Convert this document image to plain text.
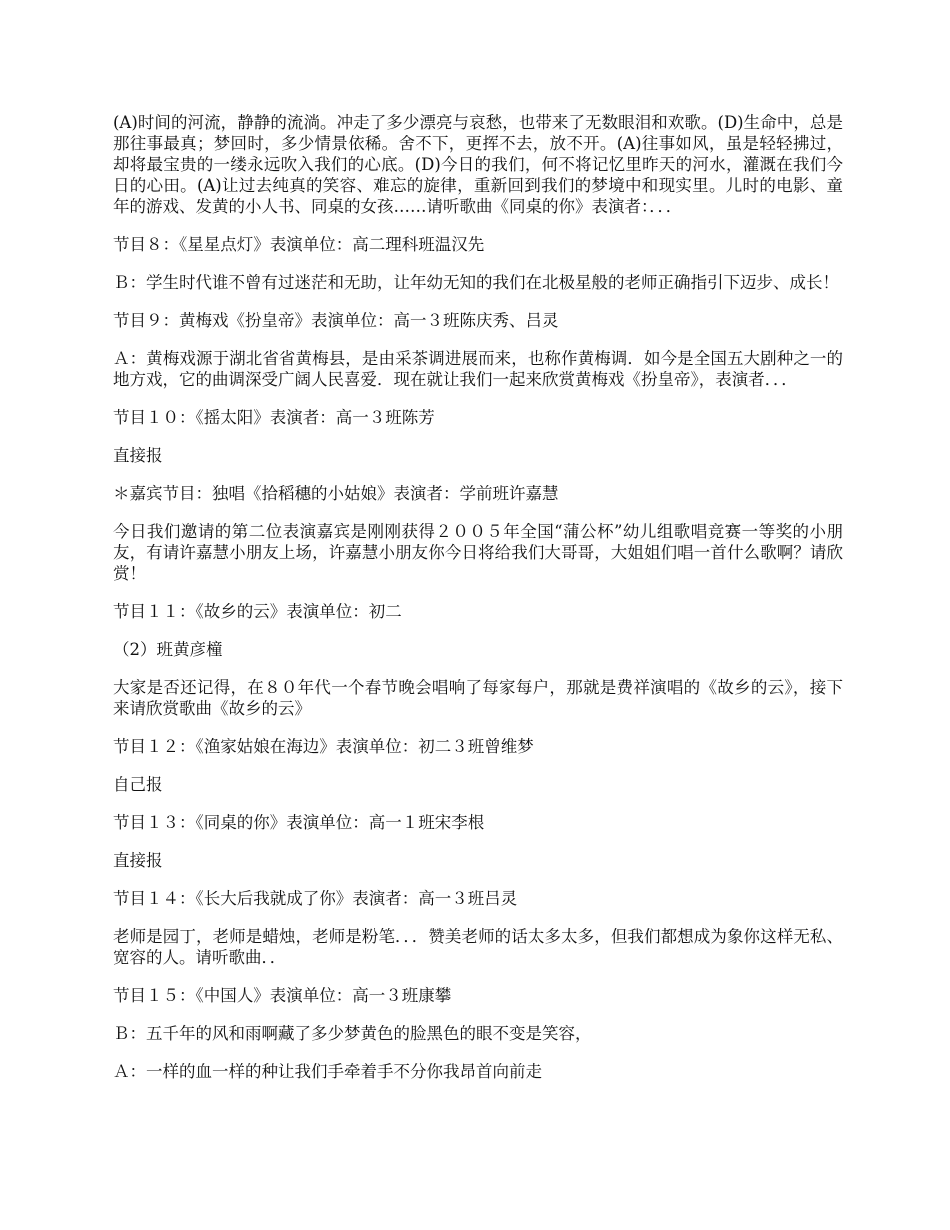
(A)时间的河流，静静的流淌。冲走了多少漂亮与哀愁，也带来了无数眼泪和欢歌。(D)生命中，总是那往事最真；梦回时，多少情景依稀。舍不下，更挥不去，放不开。(A)往事如风，虽是轻轻拂过，却将最宝贵的一缕永远吹入我们的心底。(D)今日的我们，何不将记忆里昨天的河水，灌溉在我们今日的心田。(A)让过去纯真的笑容、难忘的旋律，重新回到我们的梦境中和现实里。儿时的电影、童年的游戏、发黄的小人书、同桌的女孩……请听歌曲《同桌的你》表演者：．．．

节目８：《星星点灯》表演单位：高二理科班温汉先

Ｂ：学生时代谁不曾有过迷茫和无助，让年幼无知的我们在北极星般的老师正确指引下迈步、成长！

节目９：黄梅戏《扮皇帝》表演单位：高一３班陈庆秀、吕灵

Ａ：黄梅戏源于湖北省省黄梅县，是由采茶调进展而来，也称作黄梅调．如今是全国五大剧种之一的地方戏，它的曲调深受广阔人民喜爱．现在就让我们一起来欣赏黄梅戏《扮皇帝》，表演者．．．

节目１０：《摇太阳》表演者：高一３班陈芳

直接报

＊嘉宾节目：独唱《拾稻穗的小姑娘》表演者：学前班许嘉慧

今日我们邀请的第二位表演嘉宾是刚刚获得２００５年全国“蒲公杯”幼儿组歌唱竞赛一等奖的小朋友，有请许嘉慧小朋友上场，许嘉慧小朋友你今日将给我们大哥哥，大姐姐们唱一首什么歌啊？请欣赏！

节目１１：《故乡的云》表演单位：初二

（2）班黄彦橦

大家是否还记得，在８０年代一个春节晚会唱响了每家每户，那就是费祥演唱的《故乡的云》，接下来请欣赏歌曲《故乡的云》

节目１２：《渔家姑娘在海边》表演单位：初二３班曾维梦

自己报

节目１３：《同桌的你》表演单位：高一１班宋李根

直接报

节目１４：《长大后我就成了你》表演者：高一３班吕灵

老师是园丁，老师是蜡烛，老师是粉笔．．．赞美老师的话太多太多，但我们都想成为象你这样无私、宽容的人。请听歌曲．．

节目１５：《中国人》表演单位：高一３班康攀

Ｂ：五千年的风和雨啊藏了多少梦黄色的脸黑色的眼不变是笑容，

Ａ：一样的血一样的种让我们手牵着手不分你我昂首向前走
